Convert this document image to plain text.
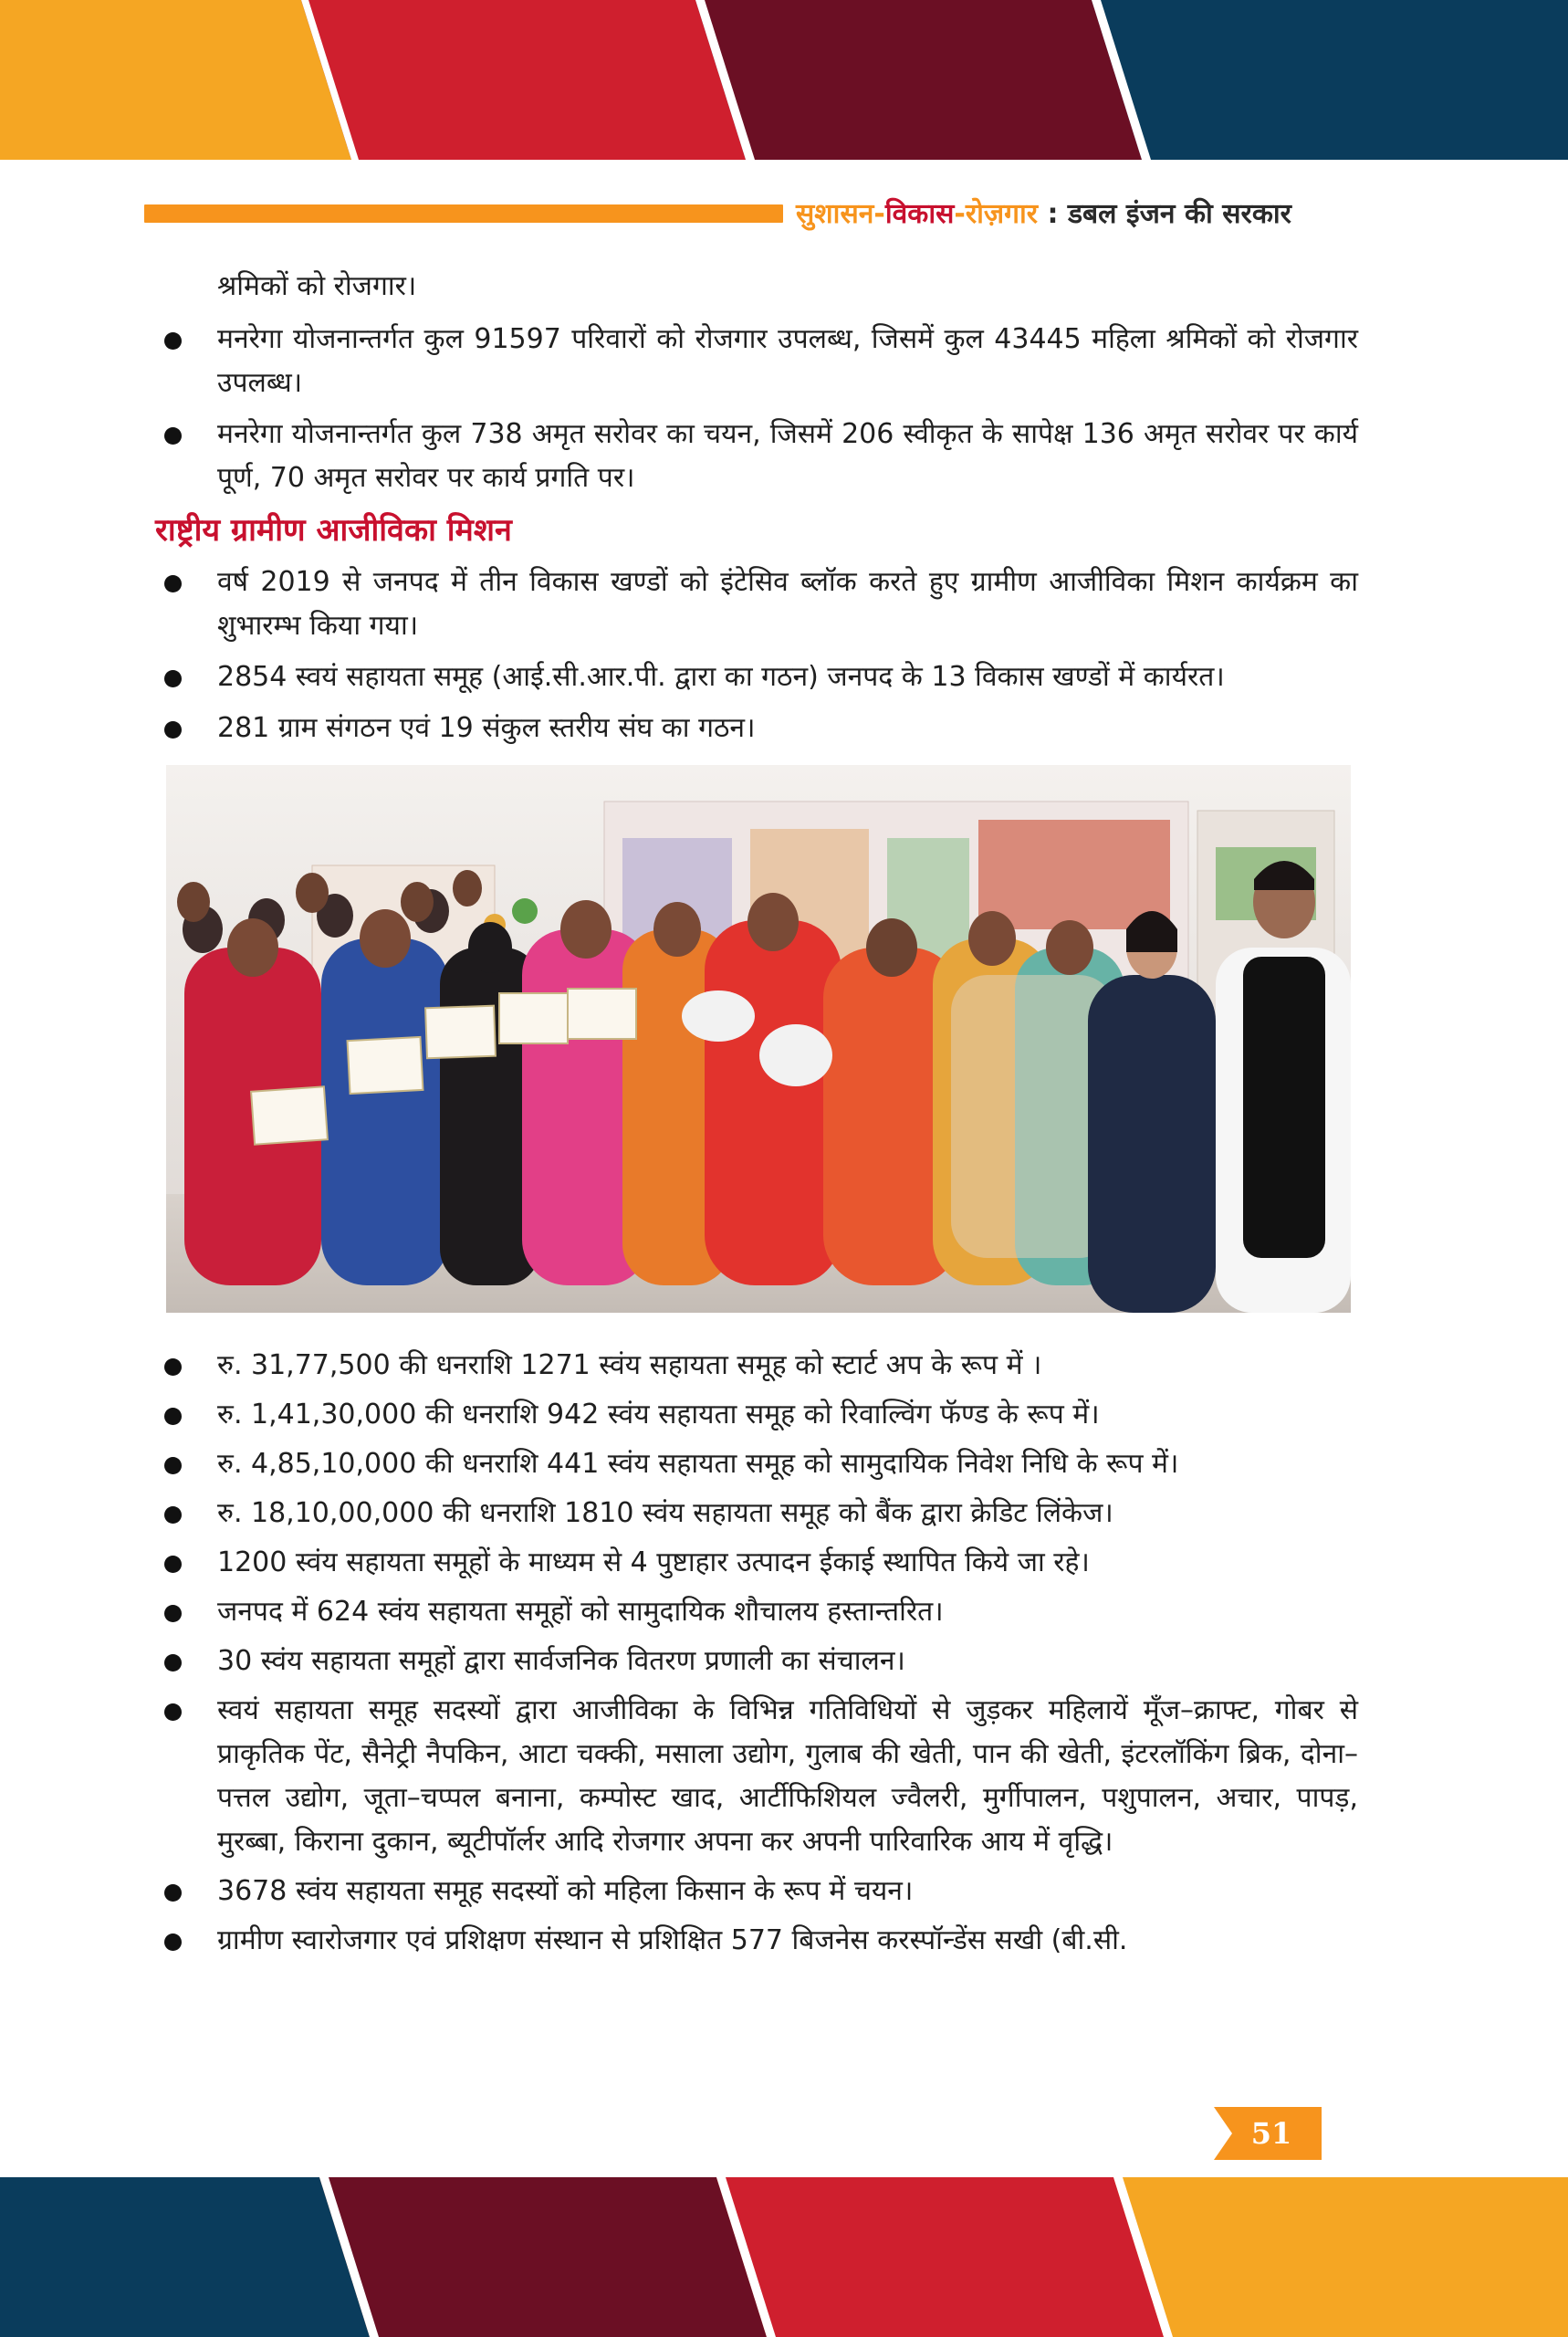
सुशासन-विकास-रोज़गार : डबल इंजन की सरकार

श्रमिकों को रोजगार।

मनरेगा योजनान्तर्गत कुल 91597 परिवारों को रोजगार उपलब्ध, जिसमें कुल 43445 महिला श्रमिकों को रोजगार उपलब्ध।

मनरेगा योजनान्तर्गत कुल 738 अमृत सरोवर का चयन, जिसमें 206 स्वीकृत के सापेक्ष 136 अमृत सरोवर पर कार्य पूर्ण, 70 अमृत सरोवर पर कार्य प्रगति पर।

राष्ट्रीय ग्रामीण आजीविका मिशन

वर्ष 2019 से जनपद में तीन विकास खण्डों को इंटेसिव ब्लॉक करते हुए ग्रामीण आजीविका मिशन कार्यक्रम का शुभारम्भ किया गया।

2854 स्वयं सहायता समूह (आई.सी.आर.पी. द्वारा का गठन) जनपद के 13 विकास खण्डों में कार्यरत।

281 ग्राम संगठन एवं 19 संकुल स्तरीय संघ का गठन।

रु. 31,77,500 की धनराशि 1271 स्वंय सहायता समूह को स्टार्ट अप के रूप में ।

रु. 1,41,30,000 की धनराशि 942 स्वंय सहायता समूह को रिवाल्विंग फॅण्ड के रूप में।

रु. 4,85,10,000 की धनराशि 441 स्वंय सहायता समूह को सामुदायिक निवेश निधि के रूप में।

रु. 18,10,00,000 की धनराशि 1810 स्वंय सहायता समूह को बैंक द्वारा क्रेडिट लिंकेज।

1200 स्वंय सहायता समूहों के माध्यम से 4 पुष्टाहार उत्पादन ईकाई स्थापित किये जा रहे।

जनपद में 624 स्वंय सहायता समूहों को सामुदायिक शौचालय हस्तान्तरित।

30 स्वंय सहायता समूहों द्वारा सार्वजनिक वितरण प्रणाली का संचालन।

स्वयं सहायता समूह सदस्यों द्वारा आजीविका के विभिन्न गतिविधियों से जुड़कर महिलायें मूँज–क्राफ्ट, गोबर से प्राकृतिक पेंट, सैनेट्री नैपकिन, आटा चक्की, मसाला उद्योग, गुलाब की खेती, पान की खेती, इंटरलॉकिंग ब्रिक, दोना–पत्तल उद्योग, जूता–चप्पल बनाना, कम्पोस्ट खाद, आर्टीफिशियल ज्वैलरी, मुर्गीपालन, पशुपालन, अचार, पापड़, मुरब्बा, किराना दुकान, ब्यूटीपॉर्लर आदि रोजगार अपना कर अपनी पारिवारिक आय में वृद्धि।

3678 स्वंय सहायता समूह सदस्यों को महिला किसान के रूप में चयन।

ग्रामीण स्वारोजगार एवं प्रशिक्षण संस्थान से प्रशिक्षित 577 बिजनेस करस्पॉन्डेंस सखी (बी.सी.

51
